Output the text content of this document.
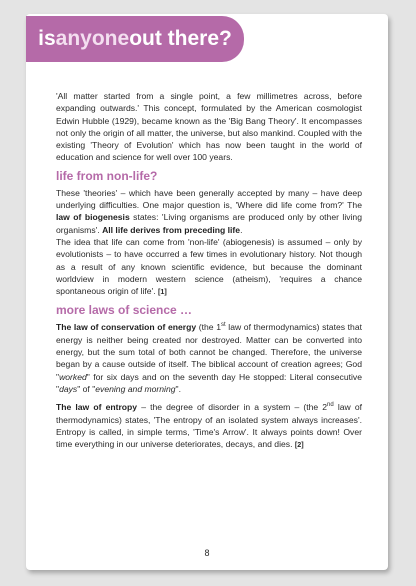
is anyone out there?

'All matter started from a single point, a few millimetres across, before expanding outwards.' This concept, formulated by the American cosmologist Edwin Hubble (1929), became known as the 'Big Bang Theory'. It encompasses not only the origin of all matter, the universe, but also mankind. Coupled with the existing 'Theory of Evolution' which has now been taught in the world of education and science for well over 100 years.

life from non-life?

These 'theories' – which have been generally accepted by many – have deep underlying difficulties. One major question is, 'Where did life come from?' The law of biogenesis states: 'Living organisms are produced only by other living organisms'. All life derives from preceding life.

The idea that life can come from 'non-life' (abiogenesis) is assumed – only by evolutionists – to have occurred a few times in evolutionary history. Not though as a result of any known scientific evidence, but because the dominant worldview in modern western science (atheism), 'requires a chance spontaneous origin of life'. [1]

more laws of science …

The law of conservation of energy (the 1st law of thermodynamics) states that energy is neither being created nor destroyed. Matter can be converted into energy, but the sum total of both cannot be changed. Therefore, the universe began by a cause outside of itself. The biblical account of creation agrees; God "worked" for six days and on the seventh day He stopped: Literal consecutive "days" of "evening and morning".

The law of entropy – the degree of disorder in a system – (the 2nd law of thermodynamics) states, 'The entropy of an isolated system always increases'. Entropy is called, in simple terms, 'Time's Arrow'. It always points down! Over time everything in our universe deteriorates, decays, and dies. [2]

8
